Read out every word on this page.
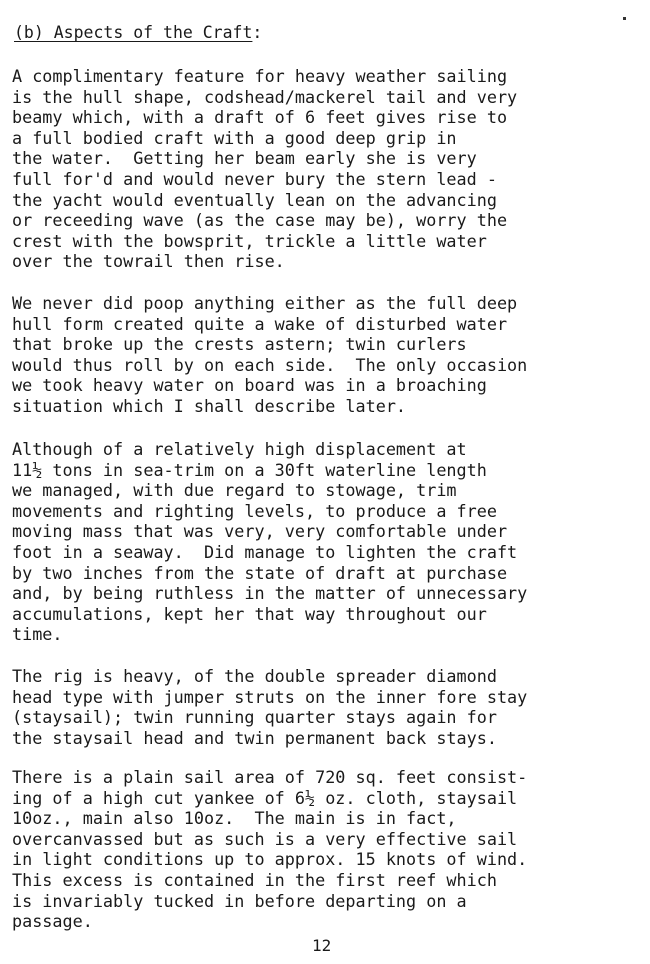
(b) Aspects of the Craft:
A complimentary feature for heavy weather sailing
is the hull shape, codshead/mackerel tail and very
beamy which, with a draft of 6 feet gives rise to
a full bodied craft with a good deep grip in
the water.  Getting her beam early she is very
full for'd and would never bury the stern lead -
the yacht would eventually lean on the advancing
or receeding wave (as the case may be), worry the
crest with the bowsprit, trickle a little water
over the towrail then rise.
We never did poop anything either as the full deep
hull form created quite a wake of disturbed water
that broke up the crests astern; twin curlers
would thus roll by on each side.  The only occasion
we took heavy water on board was in a broaching
situation which I shall describe later.
Although of a relatively high displacement at
11½ tons in sea-trim on a 30ft waterline length
we managed, with due regard to stowage, trim
movements and righting levels, to produce a free
moving mass that was very, very comfortable under
foot in a seaway.  Did manage to lighten the craft
by two inches from the state of draft at purchase
and, by being ruthless in the matter of unnecessary
accumulations, kept her that way throughout our
time.
The rig is heavy, of the double spreader diamond
head type with jumper struts on the inner fore stay
(staysail); twin running quarter stays again for
the staysail head and twin permanent back stays.
There is a plain sail area of 720 sq. feet consist-
ing of a high cut yankee of 6½ oz. cloth, staysail
10oz., main also 10oz.  The main is in fact,
overcanvassed but as such is a very effective sail
in light conditions up to approx. 15 knots of wind.
This excess is contained in the first reef which
is invariably tucked in before departing on a
passage.
12
